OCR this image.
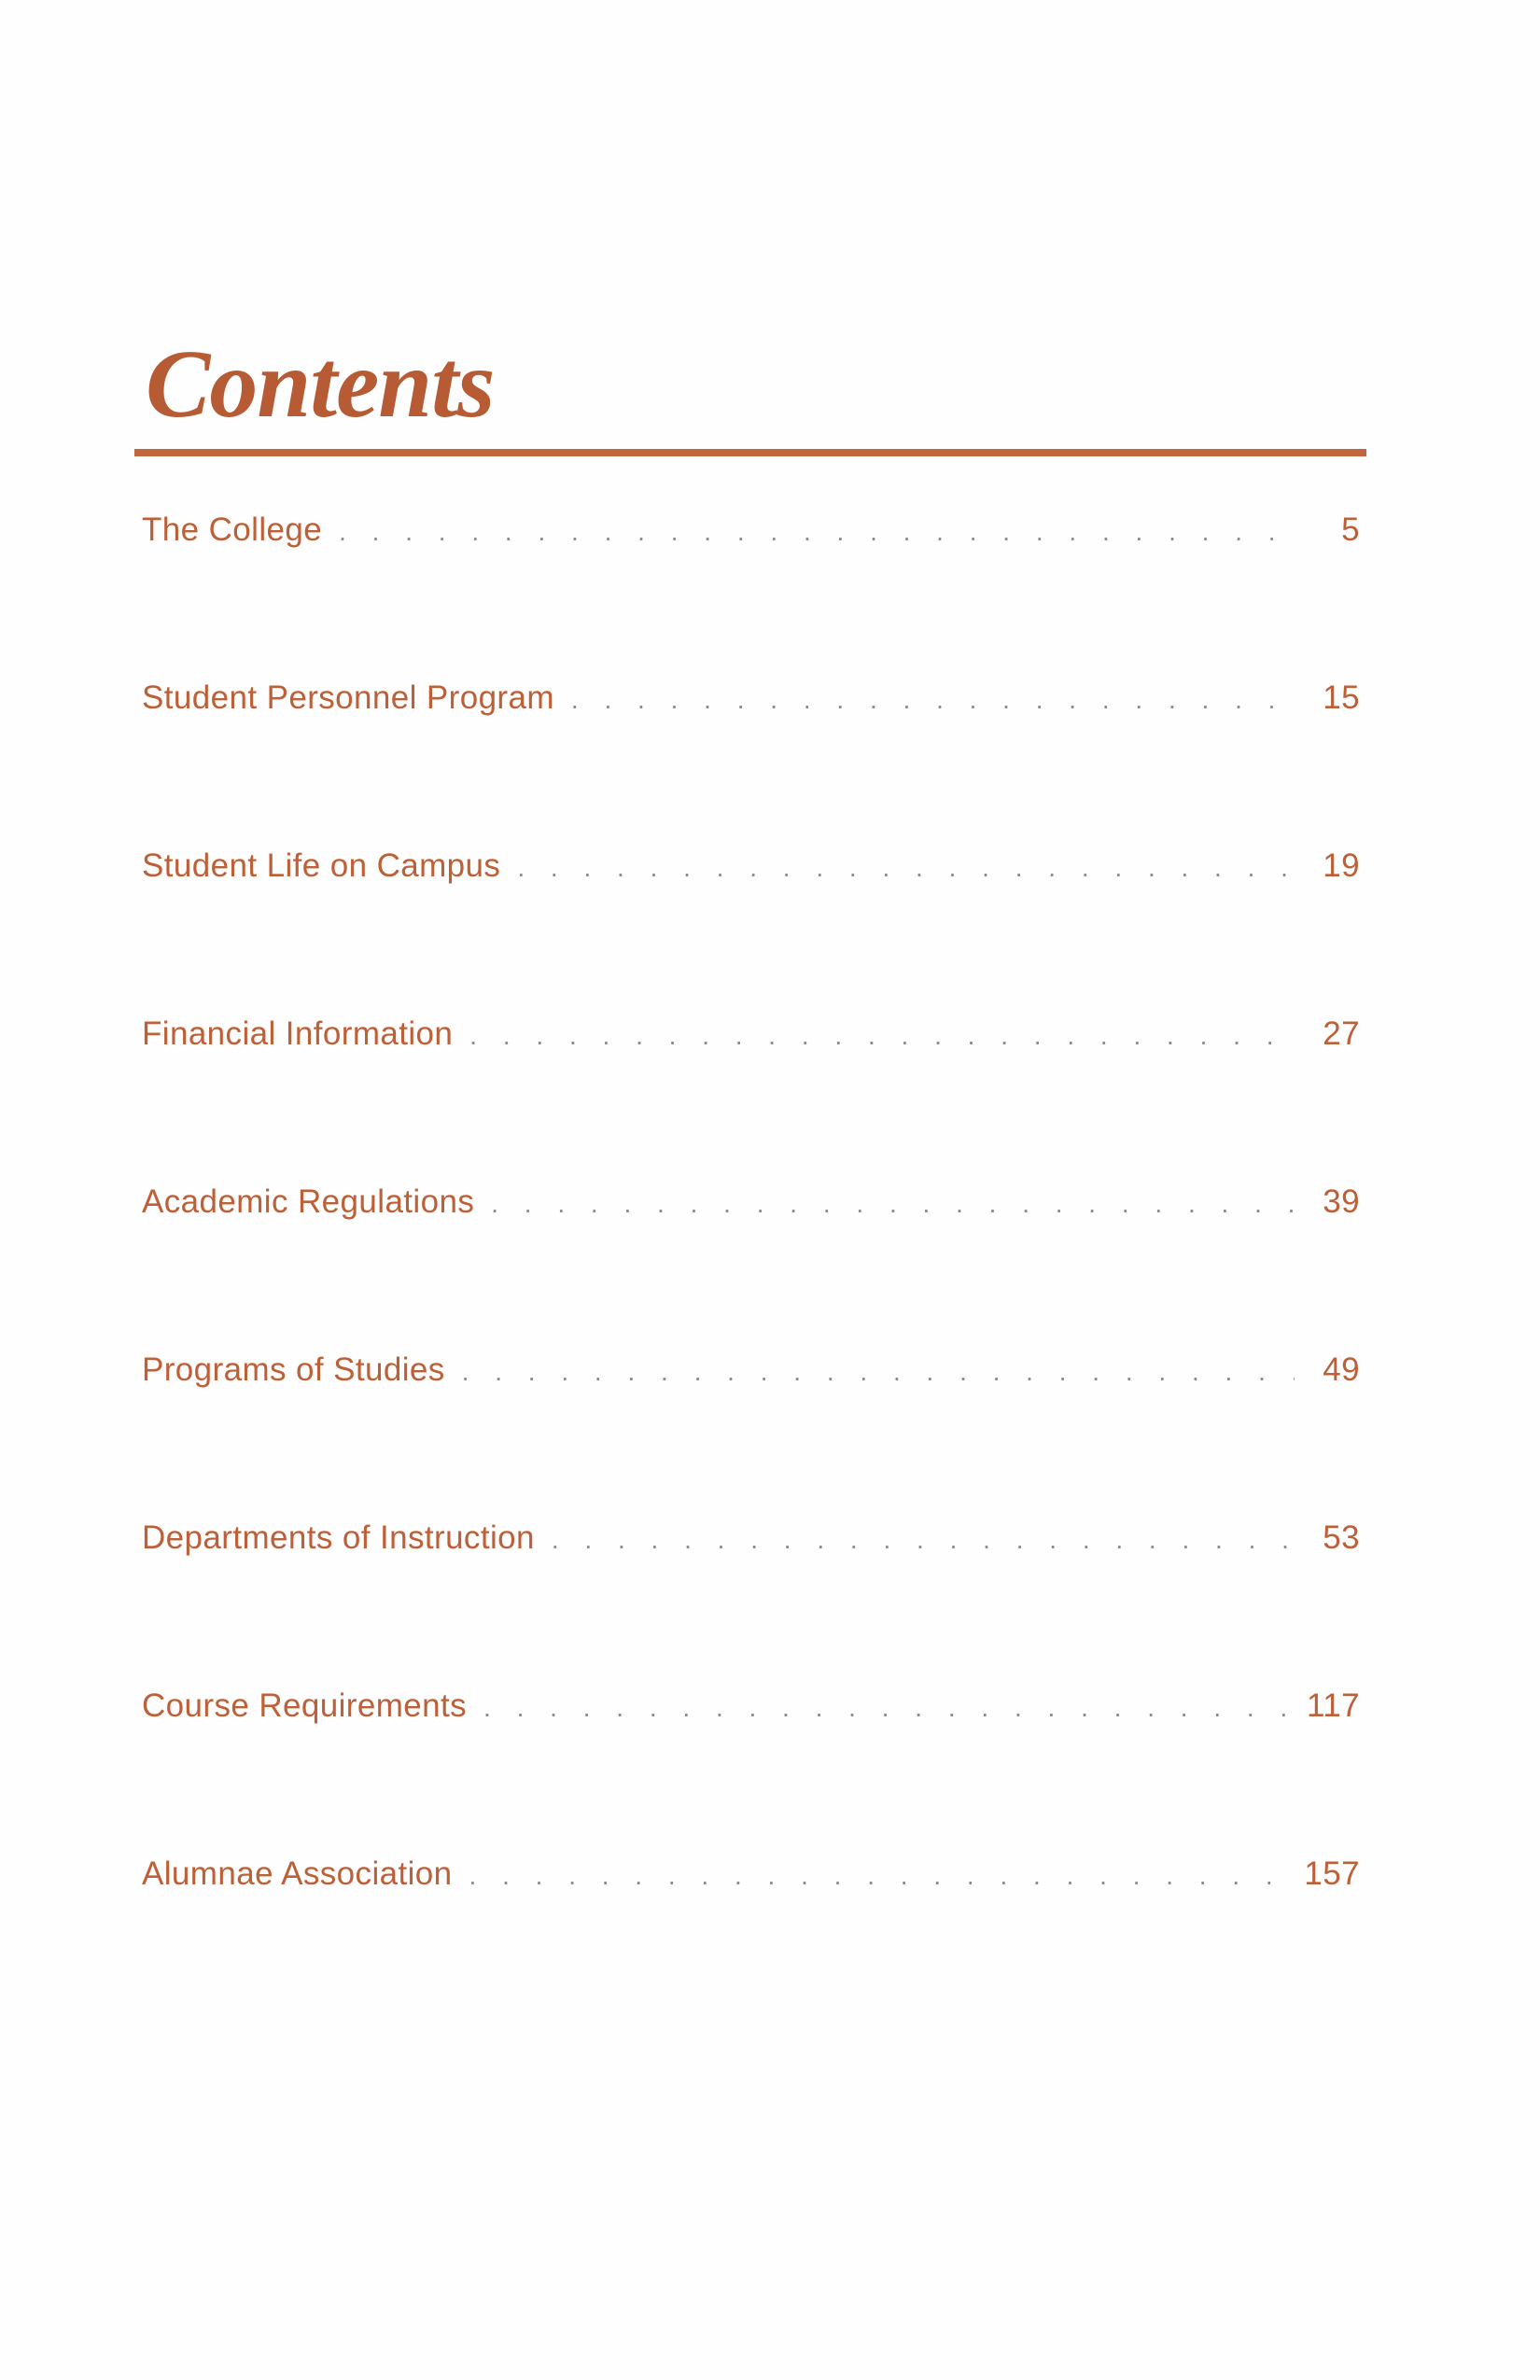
Contents
The College . . .	5
Student Personnel Program . . .	15
Student Life on Campus . . .	19
Financial Information . . .	27
Academic Regulations . . .	39
Programs of Studies . . .	49
Departments of Instruction . . .	53
Course Requirements . . .	117
Alumnae Association . . .	157
